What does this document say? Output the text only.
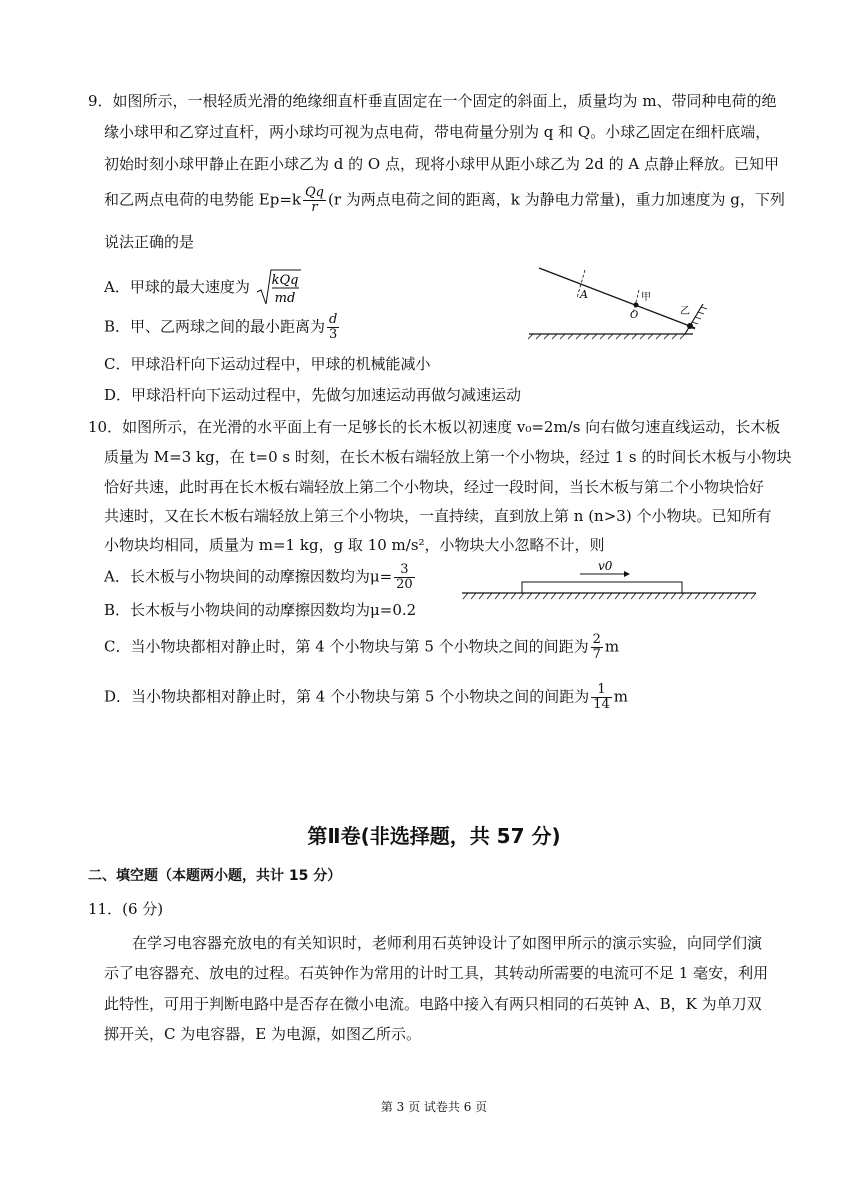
9．如图所示，一根轻质光滑的绝缘细直杆垂直固定在一个固定的斜面上，质量均为 m、带同种电荷的绝
缘小球甲和乙穿过直杆，两小球均可视为点电荷，带电荷量分别为 q 和 Q。小球乙固定在细杆底端，
初始时刻小球甲静止在距小球乙为 d 的 O 点，现将小球甲从距小球乙为 2d 的 A 点静止释放。已知甲
和乙两点电荷的电势能 $Ep=k \frac{Qq}{r} (r$ 为两点电荷之间的距离，k 为静电力常量)，重力加速度为 g，下列
说法正确的是
A．甲球的最大速度为 kQq
md
B．甲、乙两球之间的最小距离为 $\frac{d}{3}$
C．甲球沿杆向下运动过程中，甲球的机械能减小
D．甲球沿杆向下运动过程中，先做匀加速运动再做匀减速运动
A	甲
O	乙
10．如图所示，在光滑的水平面上有一足够长的长木板以初速度 v₀=2m/s 向右做匀速直线运动，长木板
质量为 M=3 kg，在 t=0 s 时刻，在长木板右端轻放上第一个小物块，经过 1 s 的时间长木板与小物块
恰好共速，此时再在长木板右端轻放上第二个小物块，经过一段时间，当长木板与第二个小物块恰好
共速时，又在长木板右端轻放上第三个小物块，一直持续，直到放上第 n (n>3) 个小物块。已知所有
小物块均相同，质量为 m=1 kg，g 取 10 m/s²，小物块大小忽略不计，则
A．长木板与小物块间的动摩擦因数均为$\mu= \frac{3}{20}$
B．长木板与小物块间的动摩擦因数均为μ=0.2
C．当小物块都相对静止时，第 4 个小物块与第 5 个小物块之间的间距为 $\frac{2}{7}$ m
D．当小物块都相对静止时，第 4 个小物块与第 5 个小物块之间的间距为 $\frac{1}{14}$ m
v0
第Ⅱ卷(非选择题，共 57 分)
二、填空题（本题两小题，共计 15 分）
11．(6 分)
在学习电容器充放电的有关知识时，老师利用石英钟设计了如图甲所示的演示实验，向同学们演
示了电容器充、放电的过程。石英钟作为常用的计时工具，其转动所需要的电流可不足 1 毫安，利用
此特性，可用于判断电路中是否存在微小电流。电路中接入有两只相同的石英钟 A、B，K 为单刀双
掷开关，C 为电容器，E 为电源，如图乙所示。
第 3 页 试卷共 6 页
